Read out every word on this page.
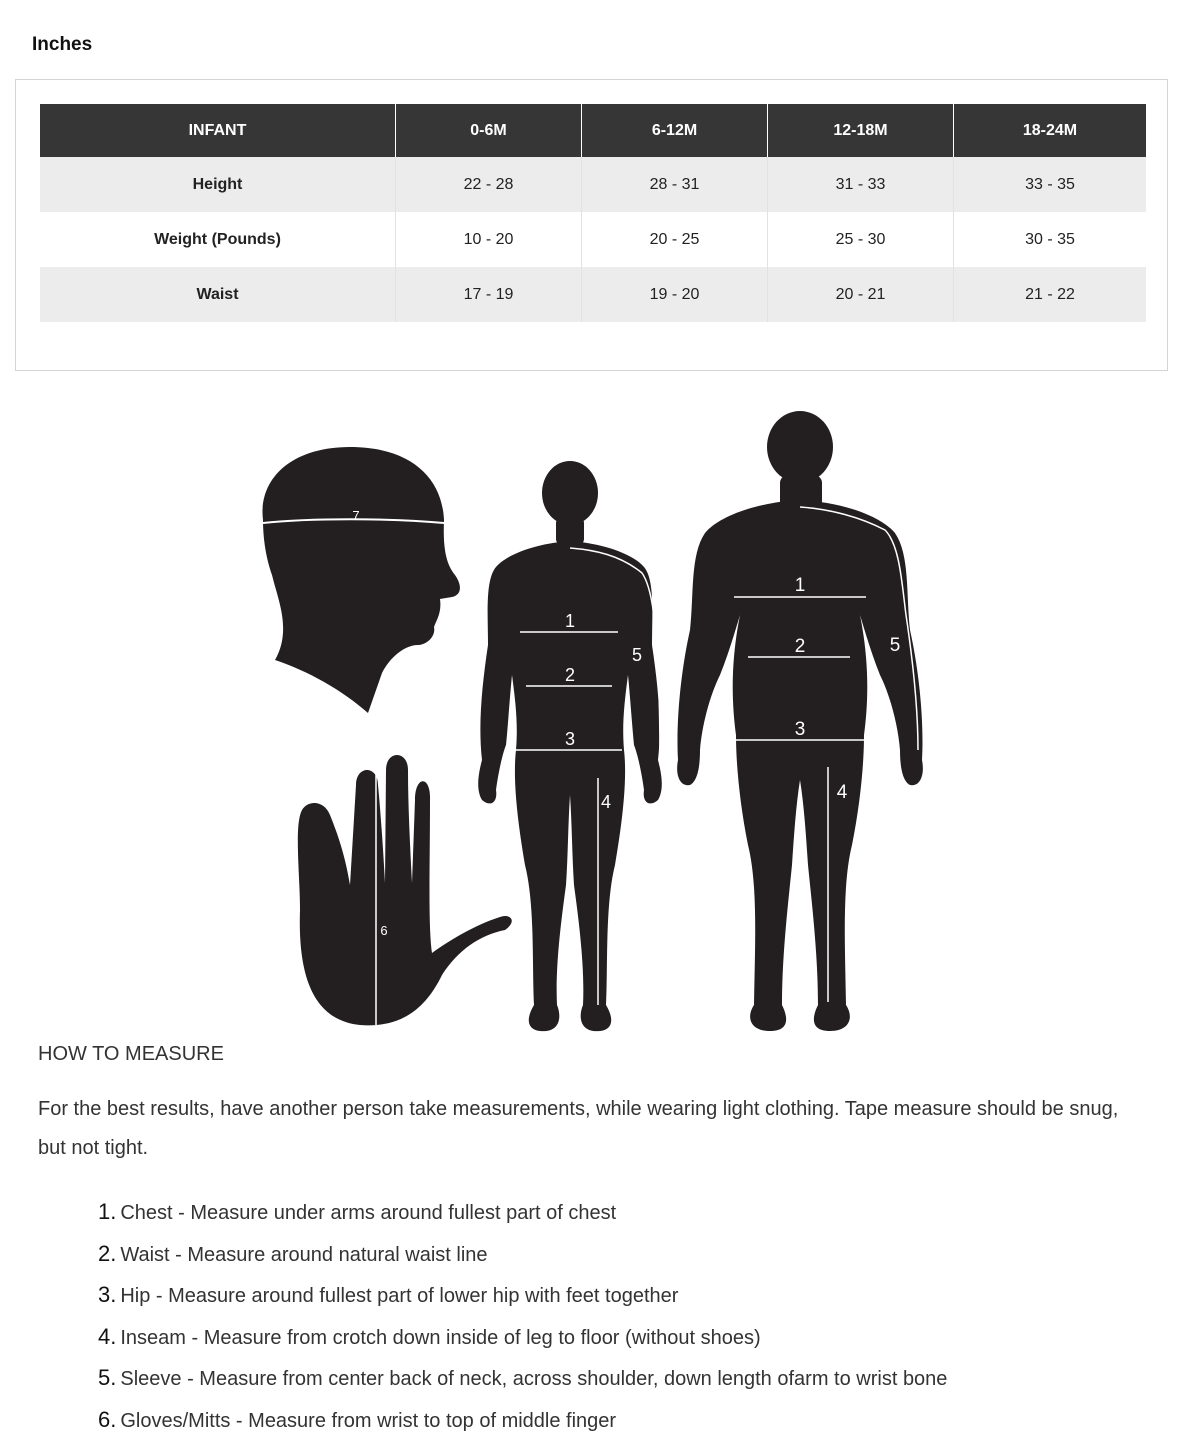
Inches
INFANT	0-6M	6-12M	12-18M	18-24M
Height	22 - 28	28 - 31	31 - 33	33 - 35
Weight (Pounds)	10 - 20	20 - 25	25 - 30	30 - 35
Waist	17 - 19	19 - 20	20 - 21	21 - 22
7
6
1
2
3
4
5
1
2
3
4
5
HOW TO MEASURE

For the best results, have another person take measurements, while wearing light clothing. Tape measure should be snug, but not tight.

1. Chest - Measure under arms around fullest part of chest
2. Waist - Measure around natural waist line
3. Hip - Measure around fullest part of lower hip with feet together
4. Inseam - Measure from crotch down inside of leg to floor (without shoes)
5. Sleeve - Measure from center back of neck, across shoulder, down length ofarm to wrist bone
6. Gloves/Mitts - Measure from wrist to top of middle finger
